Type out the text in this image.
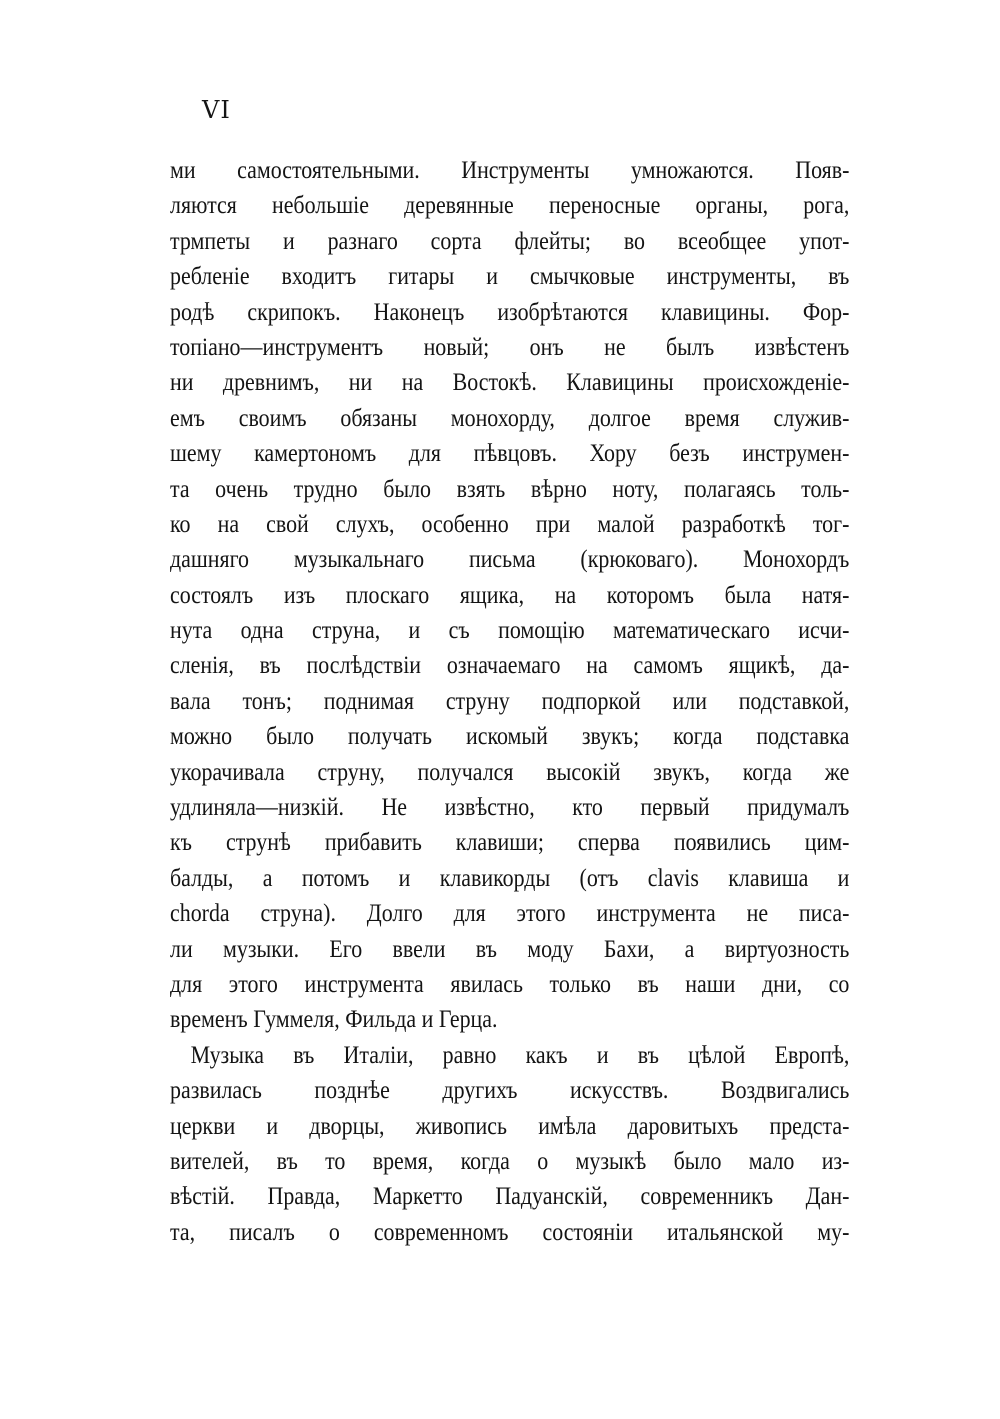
VI
ми самостоятельными. Инструменты умножаются. Появ-
ляются небольшіе деревянные переносные органы, рога,
трмпеты и разнаго сорта флейты; во всеобщее упот-
ребленіе входитъ гитары и смычковые инструменты, въ
родѣ скрипокъ. Наконецъ изобрѣтаются клавицины. Фор-
топіано—инструментъ новый; онъ не былъ извѣстенъ
ни древнимъ, ни на Востокѣ. Клавицины происхожденіе-
емъ своимъ обязаны монохорду, долгое время служив-
шему камертономъ для пѣвцовъ. Хору безъ инструмен-
та очень трудно было взять вѣрно ноту, полагаясь толь-
ко на свой слухъ, особенно при малой разработкѣ тог-
дашняго музыкальнаго письма (крюковаго). Монохордъ
состоялъ изъ плоскаго ящика, на которомъ была натя-
нута одна струна, и съ помощію математическаго исчи-
сленія, въ послѣдствіи означаемаго на самомъ ящикѣ, да-
вала тонъ; поднимая струну подпоркой или подставкой,
можно было получать искомый звукъ; когда подставка
укорачивала струну, получался высокій звукъ, когда же
удлиняла—низкій. Не извѣстно, кто первый придумалъ
къ струнѣ прибавить клавиши; сперва появились цим-
балды, а потомъ и клавикорды (отъ clavis клавиша и
chorda струна). Долго для этого инструмента не писа-
ли музыки. Его ввели въ моду Бахи, а виртуозность
для этого инструмента явилась только въ наши дни, со
временъ Гуммеля, Фильда и Герца.
Музыка въ Италіи, равно какъ и въ цѣлой Европѣ,
развилась позднѣе другихъ искусствъ. Воздвигались
церкви и дворцы, живопись имѣла даровитыхъ предста-
вителей, въ то время, когда о музыкѣ было мало из-
вѣстій. Правда, Маркетто Падуанскій, современникъ Дан-
та, писалъ о современномъ состояніи итальянской му-
